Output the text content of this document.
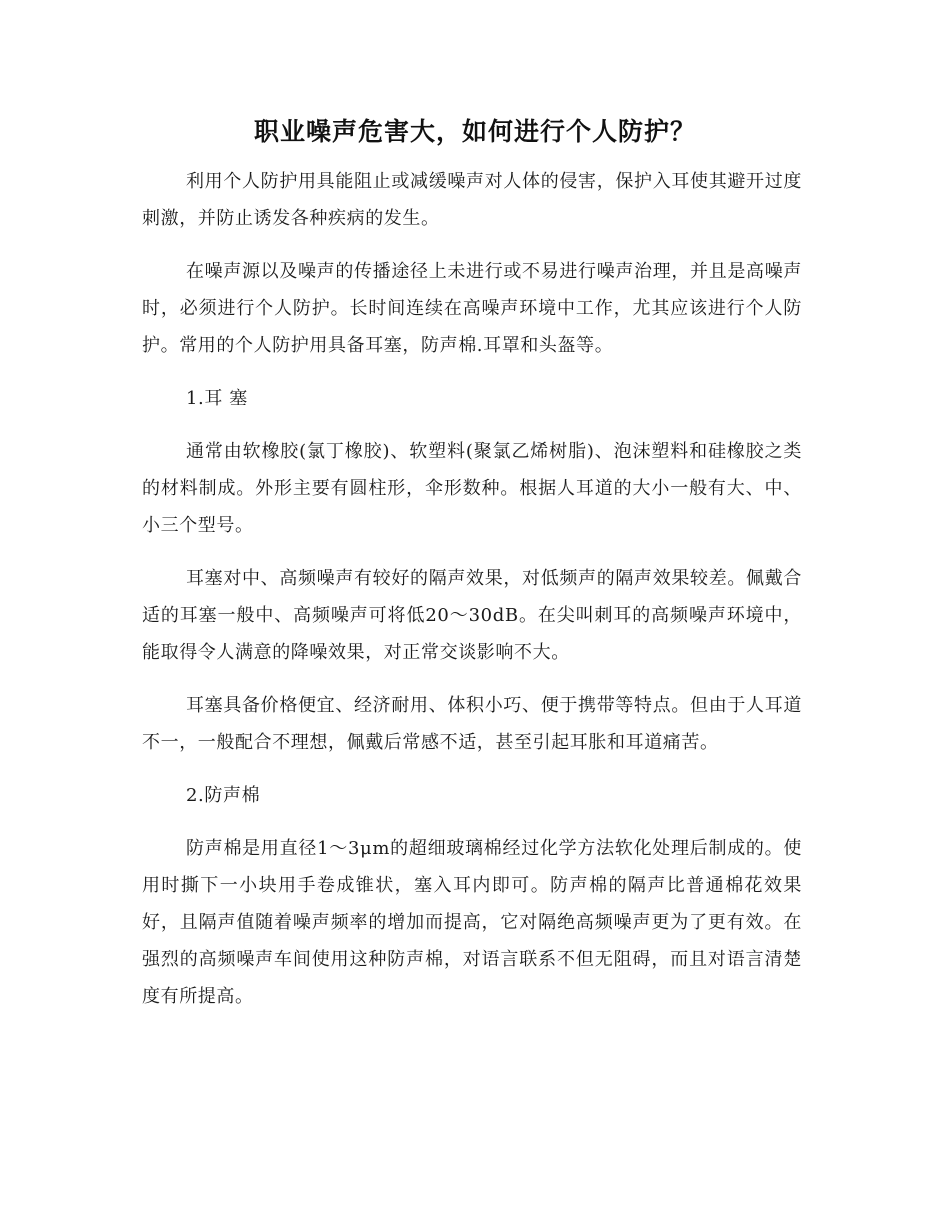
职业噪声危害大，如何进行个人防护？

利用个人防护用具能阻止或减缓噪声对人体的侵害，保护入耳使其避开过度刺激，并防止诱发各种疾病的发生。

在噪声源以及噪声的传播途径上未进行或不易进行噪声治理，并且是高噪声时，必须进行个人防护。长时间连续在高噪声环境中工作，尤其应该进行个人防护。常用的个人防护用具备耳塞，防声棉.耳罩和头盔等。

1.耳 塞

通常由软橡胶(氯丁橡胶)、软塑料(聚氯乙烯树脂)、泡沫塑料和硅橡胶之类的材料制成。外形主要有圆柱形，伞形数种。根据人耳道的大小一般有大、中、小三个型号。

耳塞对中、高频噪声有较好的隔声效果，对低频声的隔声效果较差。佩戴合适的耳塞一般中、高频噪声可将低20～30dB。在尖叫刺耳的高频噪声环境中，能取得令人满意的降噪效果，对正常交谈影响不大。

耳塞具备价格便宜、经济耐用、体积小巧、便于携带等特点。但由于人耳道不一，一般配合不理想，佩戴后常感不适，甚至引起耳胀和耳道痛苦。

2.防声棉

防声棉是用直径1～3μm的超细玻璃棉经过化学方法软化处理后制成的。使用时撕下一小块用手卷成锥状，塞入耳内即可。防声棉的隔声比普通棉花效果好，且隔声值随着噪声频率的增加而提高，它对隔绝高频噪声更为了更有效。在强烈的高频噪声车间使用这种防声棉，对语言联系不但无阻碍，而且对语言清楚度有所提高。
